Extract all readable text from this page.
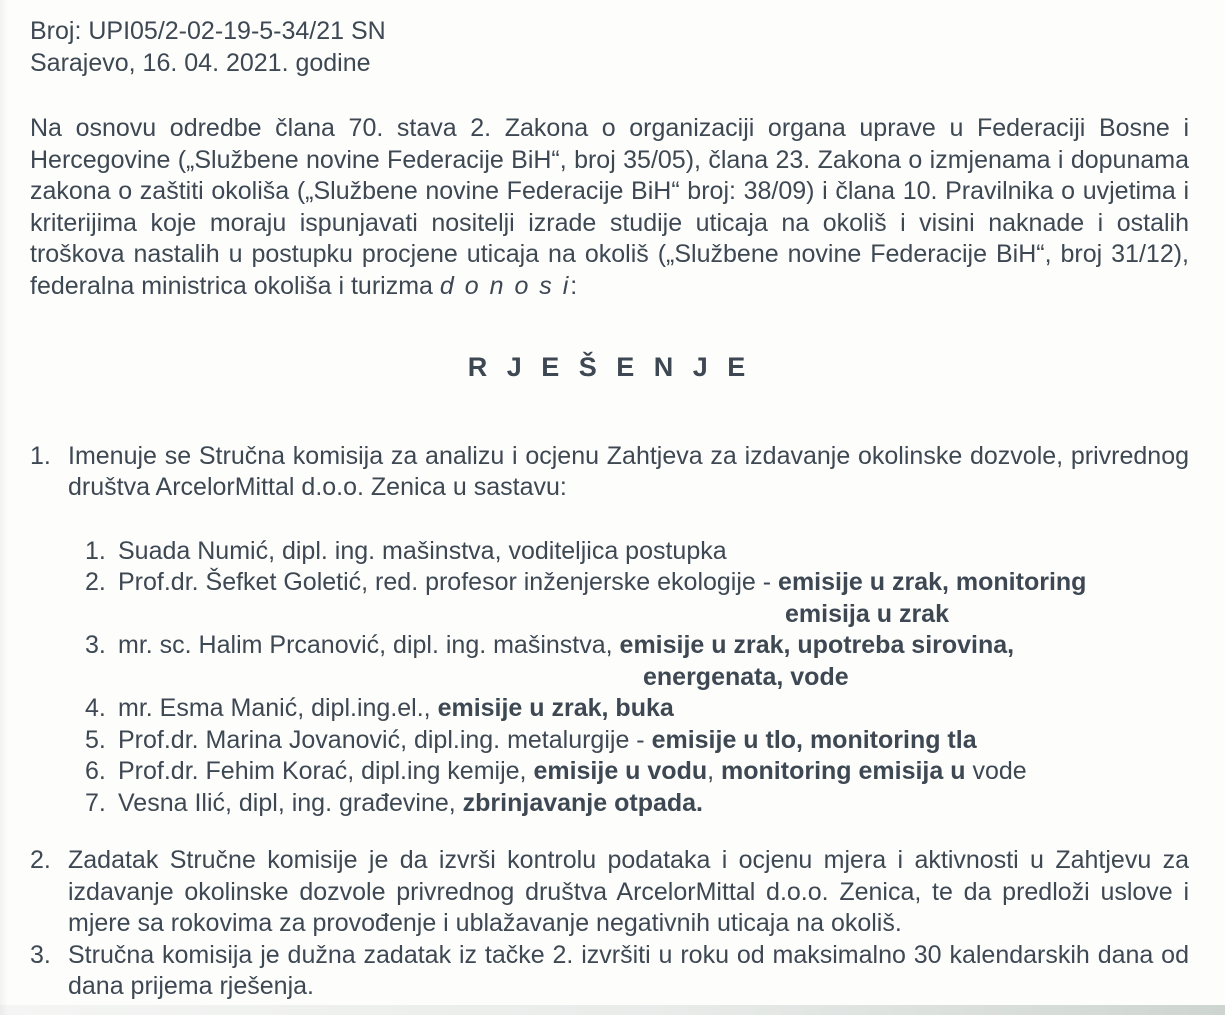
Broj: UPI05/2-02-19-5-34/21 SN
Sarajevo, 16. 04. 2021. godine
Na osnovu odredbe člana 70. stava 2. Zakona o organizaciji organa uprave u Federaciji Bosne i Hercegovine („Službene novine Federacije BiH“, broj 35/05), člana 23. Zakona o izmjenama i dopunama zakona o zaštiti okoliša („Službene novine Federacije BiH“ broj: 38/09) i člana 10. Pravilnika o uvjetima i kriterijima koje moraju ispunjavati nositelji izrade studije uticaja na okoliš i visini naknade i ostalih troškova nastalih u postupku procjene uticaja na okoliš („Službene novine Federacije BiH“, broj 31/12), federalna ministrica okoliša i turizma d o n o s i:
R J E Š E N J E
1. Imenuje se Stručna komisija za analizu i ocjenu Zahtjeva za izdavanje okolinske dozvole, privrednog društva ArcelorMittal d.o.o. Zenica u sastavu:
1. Suada Numić, dipl. ing. mašinstva, voditeljica postupka
2. Prof.dr. Šefket Goletić, red. profesor inženjerske ekologije - emisije u zrak, monitoring
emisija u zrak
3. mr. sc. Halim Prcanović, dipl. ing. mašinstva, emisije u zrak, upotreba sirovina,
energenata, vode
4. mr. Esma Manić, dipl.ing.el., emisije u zrak, buka
5. Prof.dr. Marina Jovanović, dipl.ing. metalurgije - emisije u tlo, monitoring tla
6. Prof.dr. Fehim Korać, dipl.ing kemije, emisije u vodu, monitoring emisija u vode
7. Vesna Ilić, dipl, ing. građevine, zbrinjavanje otpada.
2. Zadatak Stručne komisije je da izvrši kontrolu podataka i ocjenu mjera i aktivnosti u Zahtjevu za izdavanje okolinske dozvole privrednog društva ArcelorMittal d.o.o. Zenica, te da predloži uslove i mjere sa rokovima za provođenje i ublažavanje negativnih uticaja na okoliš.
3. Stručna komisija je dužna zadatak iz tačke 2. izvršiti u roku od maksimalno 30 kalendarskih dana od dana prijema rješenja.
